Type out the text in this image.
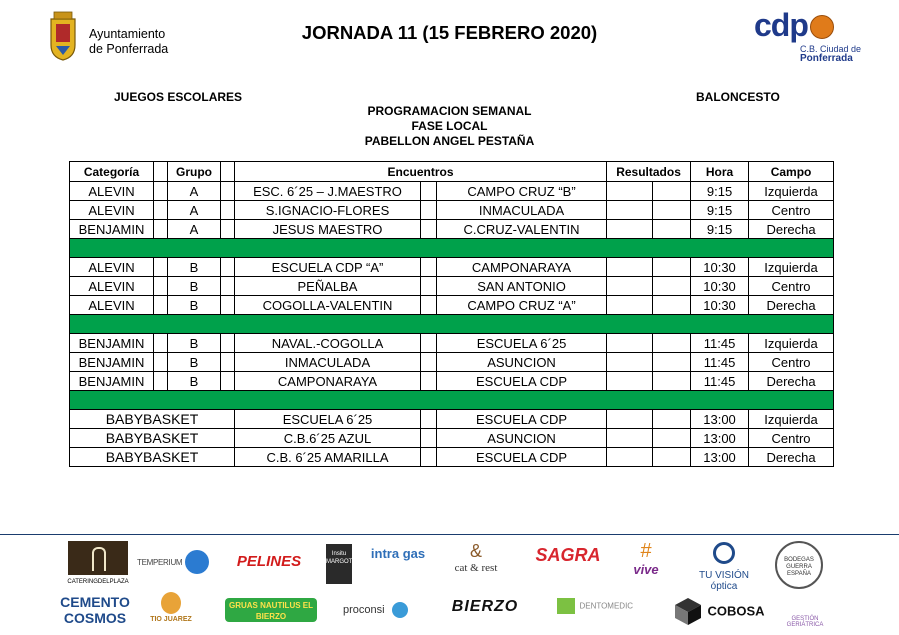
Ayuntamiento
de Ponferrada
JORNADA 11 (15 FEBRERO 2020)	cdp
C.B. Ciudad de
Ponferrada
JUEGOS ESCOLARES	BALONCESTO
PROGRAMACION SEMANAL
FASE LOCAL
PABELLON ANGEL PESTAÑA
Categoría		Grupo		Encuentros			Resultados		Hora	Campo
ALEVIN		A		ESC. 6´25 – J.MAESTRO		CAMPO CRUZ “B”			9:15	Izquierda
ALEVIN		A		S.IGNACIO-FLORES		INMACULADA			9:15	Centro
BENJAMIN		A		JESUS MAESTRO		C.CRUZ-VALENTIN			9:15	Derecha

ALEVIN		B		ESCUELA CDP “A”		CAMPONARAYA			10:30	Izquierda
ALEVIN		B		PEÑALBA		SAN ANTONIO			10:30	Centro
ALEVIN		B		COGOLLA-VALENTIN		CAMPO CRUZ “A”			10:30	Derecha

BENJAMIN		B		NAVAL.-COGOLLA		ESCUELA 6´25			11:45	Izquierda
BENJAMIN		B		INMACULADA		ASUNCION			11:45	Centro
BENJAMIN		B		CAMPONARAYA		ESCUELA CDP			11:45	Derecha

BABYBASKET				ESCUELA 6´25		ESCUELA CDP			13:00	Izquierda
BABYBASKET				C.B.6´25 AZUL		ASUNCION			13:00	Centro
BABYBASKET				C.B. 6´25 AMARILLA		ESCUELA CDP			13:00	Derecha
CATERINGDELPLAZA
TEMPERIUM	PELINES	Insitu MARGOTS
intra gas	&
cat & rest
SAGRA	#
vive	TU VISIÓN óptica
BODEGAS GUERRA ESPAÑA
CEMENTO COSMOS	TIO JUAREZ
GRUAS NAUTILUS EL BIERZO
proconsi	BIERZO	DENTOMEDIC	COBOSA
GESTIÓN GERIÁTRICA
